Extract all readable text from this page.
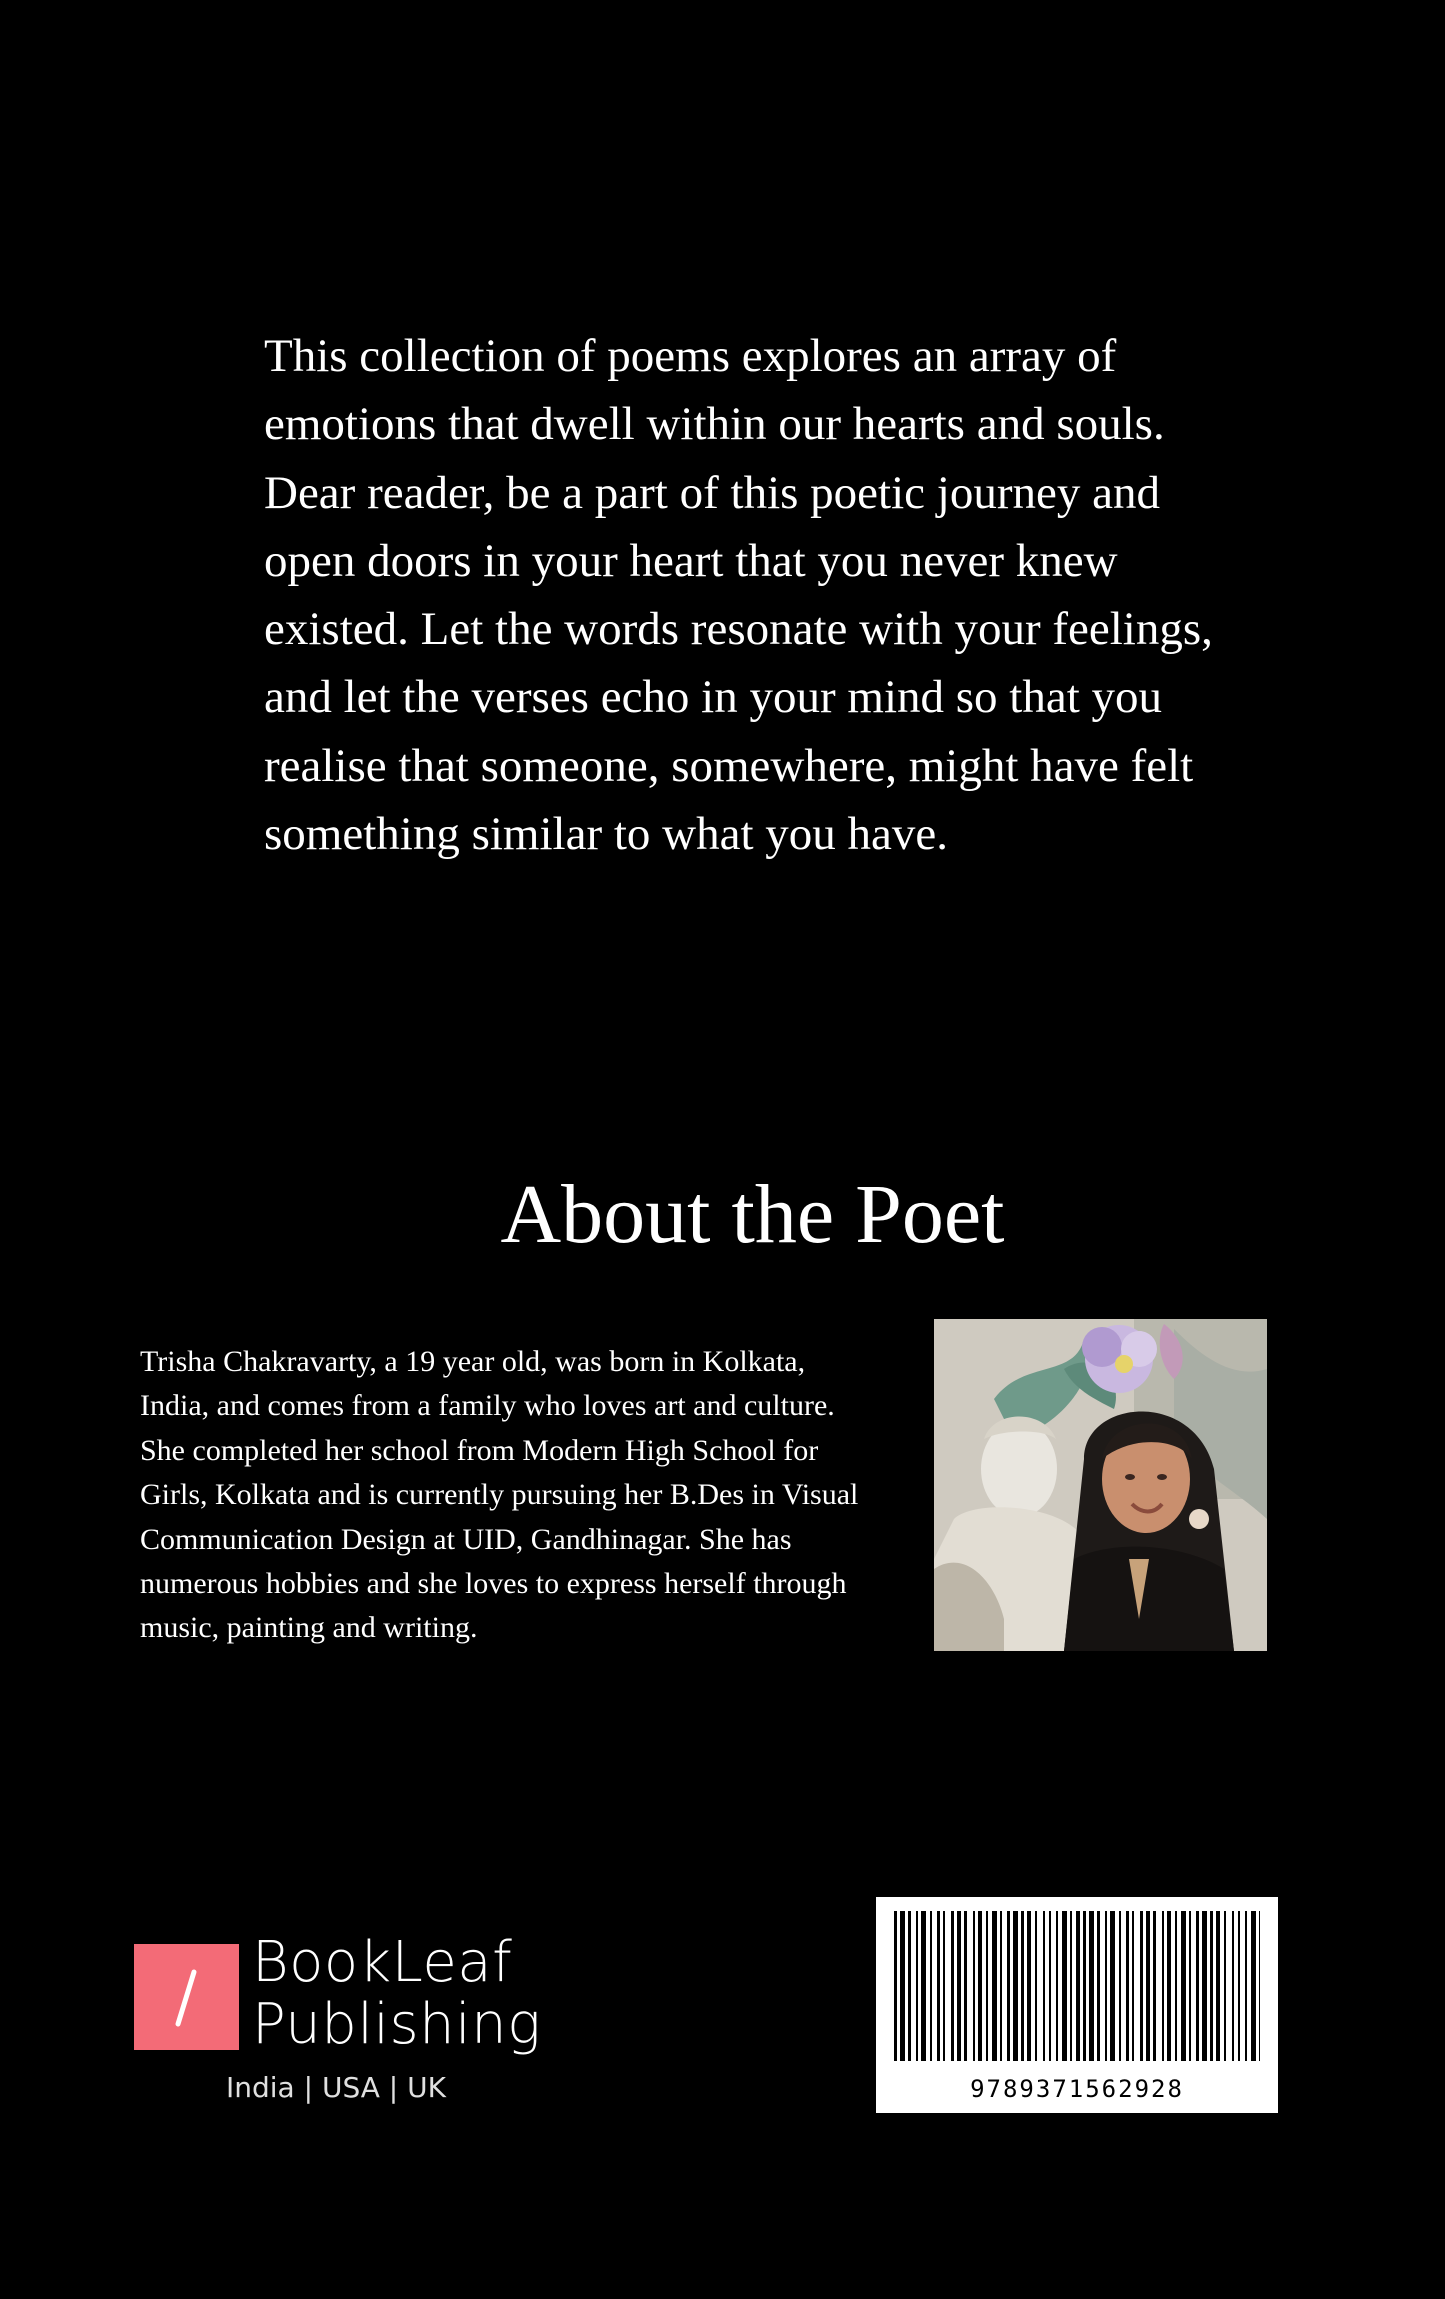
This collection of poems explores an array of emotions that dwell within our hearts and souls.

Dear reader, be a part of this poetic journey and open doors in your heart that you never knew existed. Let the words resonate with your feelings, and let the verses echo in your mind so that you realise that someone, somewhere, might have felt something similar to what you have.

About the Poet

Trisha Chakravarty, a 19 year old, was born in Kolkata, India, and comes from a family who loves art and culture. She completed her school from Modern High School for Girls, Kolkata and is currently pursuing her B.Des in Visual Communication Design at UID, Gandhinagar. She has numerous hobbies and she loves to express herself through music, painting and writing.

BookLeaf
Publishing
India | USA | UK	9789371562928
